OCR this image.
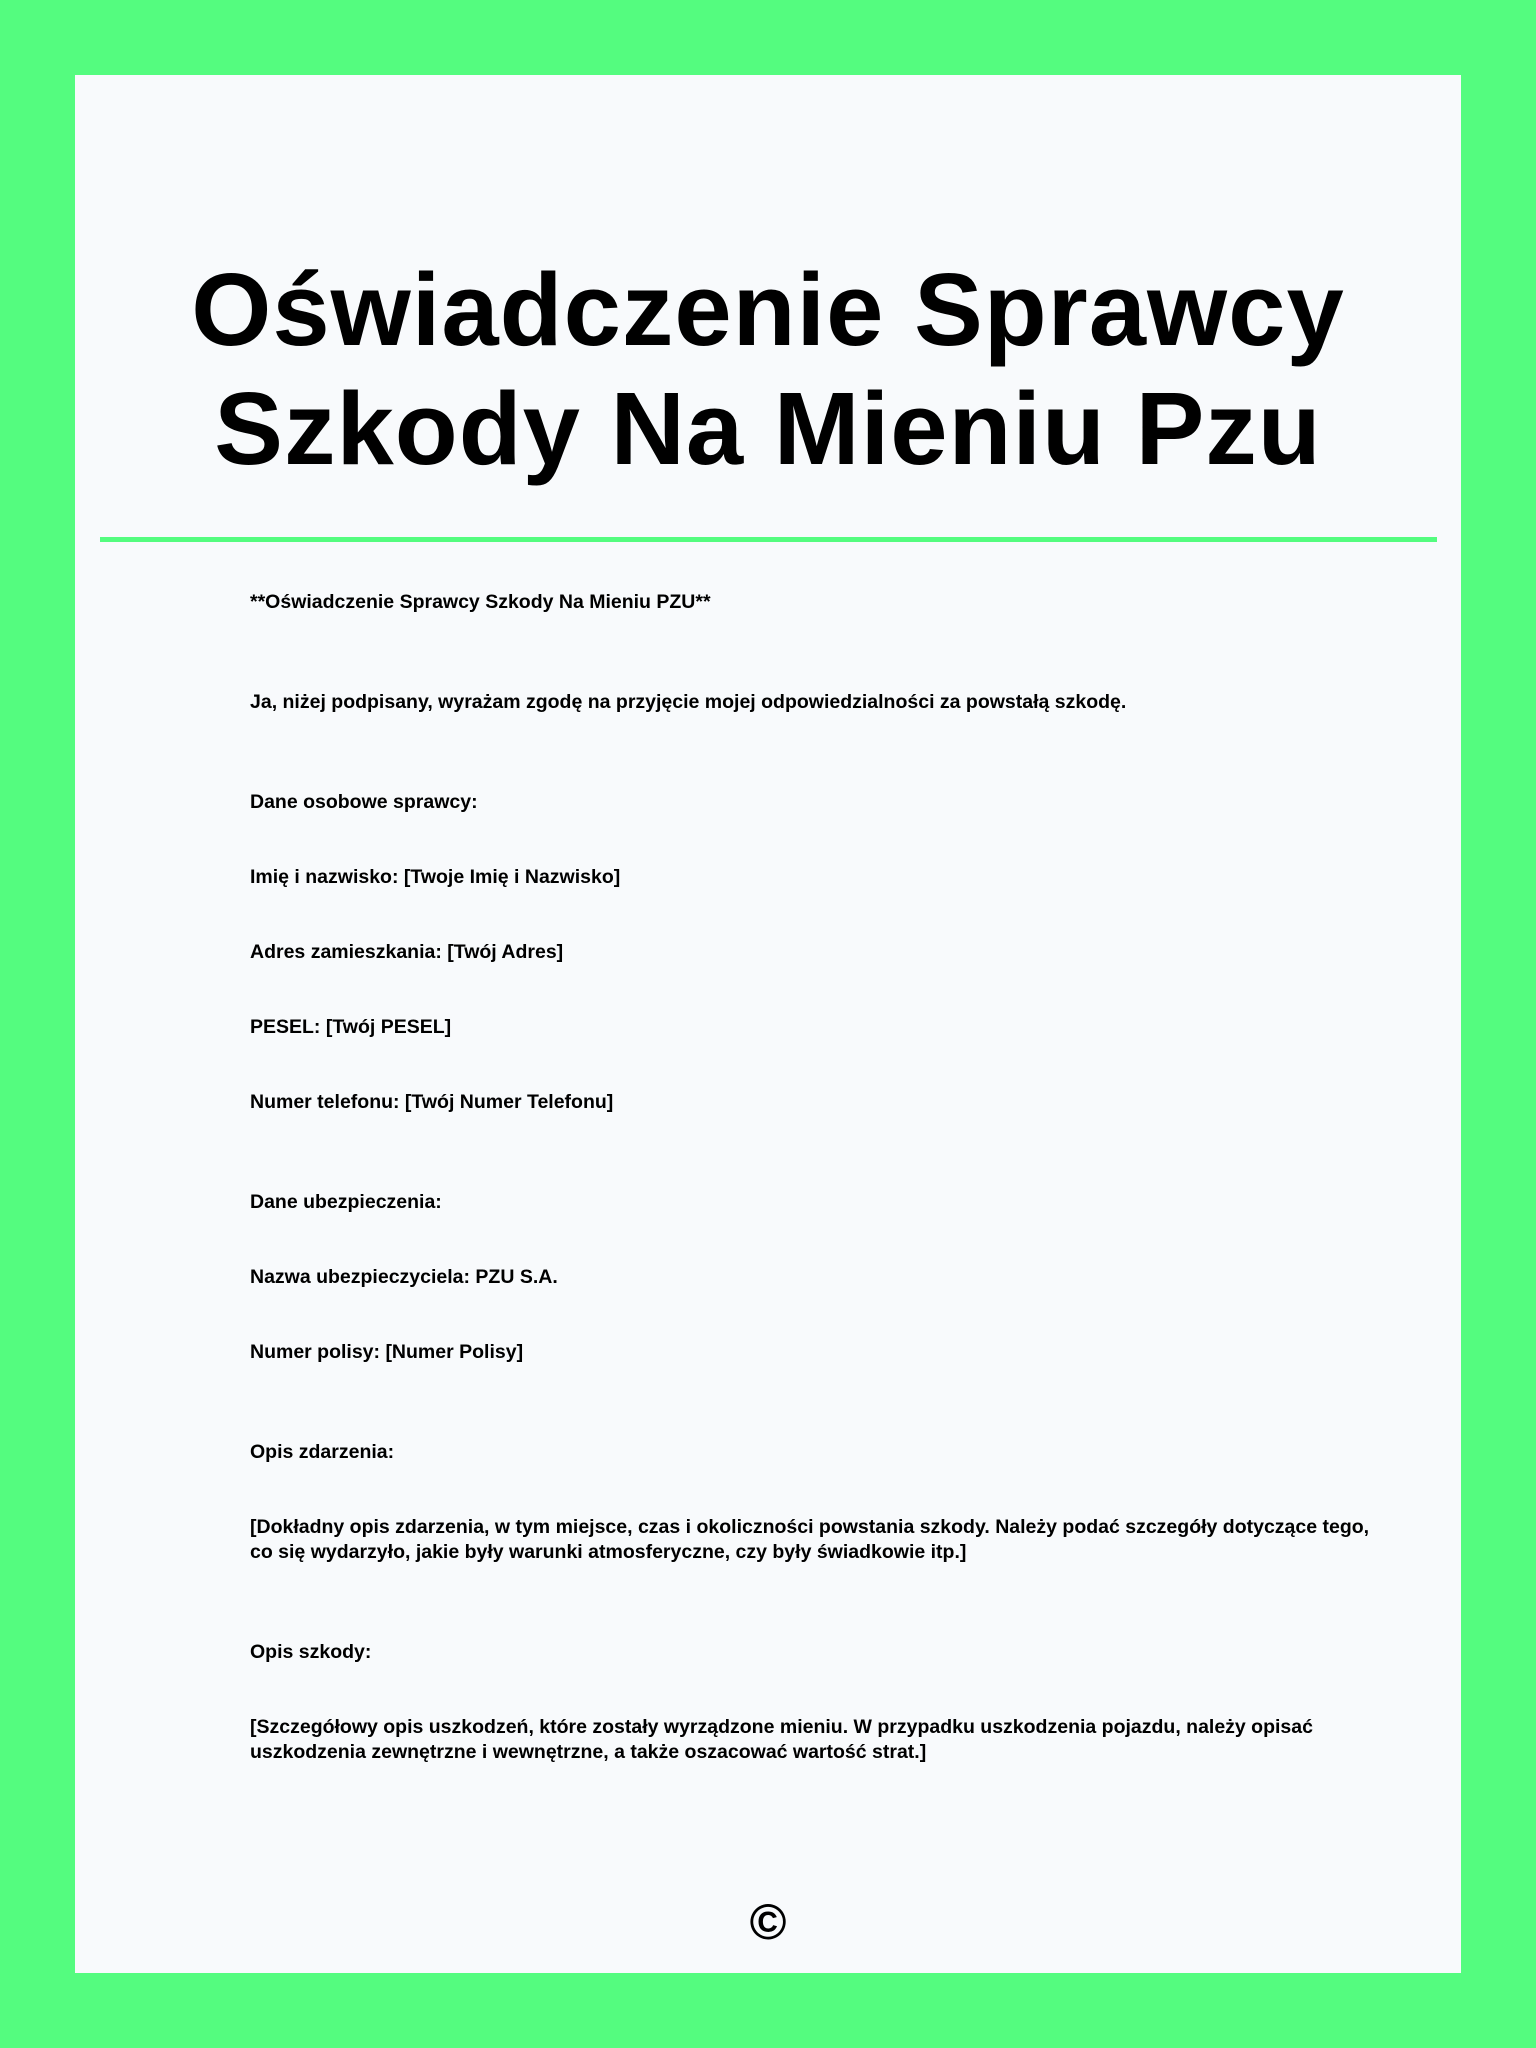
Oświadczenie Sprawcy
Szkody Na Mieniu Pzu

**Oświadczenie Sprawcy Szkody Na Mieniu PZU**

Ja, niżej podpisany, wyrażam zgodę na przyjęcie mojej odpowiedzialności za powstałą szkodę.

Dane osobowe sprawcy:

Imię i nazwisko: [Twoje Imię i Nazwisko]

Adres zamieszkania: [Twój Adres]

PESEL: [Twój PESEL]

Numer telefonu: [Twój Numer Telefonu]

Dane ubezpieczenia:

Nazwa ubezpieczyciela: PZU S.A.

Numer polisy: [Numer Polisy]

Opis zdarzenia:

[Dokładny opis zdarzenia, w tym miejsce, czas i okoliczności powstania szkody. Należy podać szczegóły dotyczące tego, co się wydarzyło, jakie były warunki atmosferyczne, czy były świadkowie itp.]

Opis szkody:

[Szczegółowy opis uszkodzeń, które zostały wyrządzone mieniu. W przypadku uszkodzenia pojazdu, należy opisać uszkodzenia zewnętrzne i wewnętrzne, a także oszacować wartość strat.]

©
